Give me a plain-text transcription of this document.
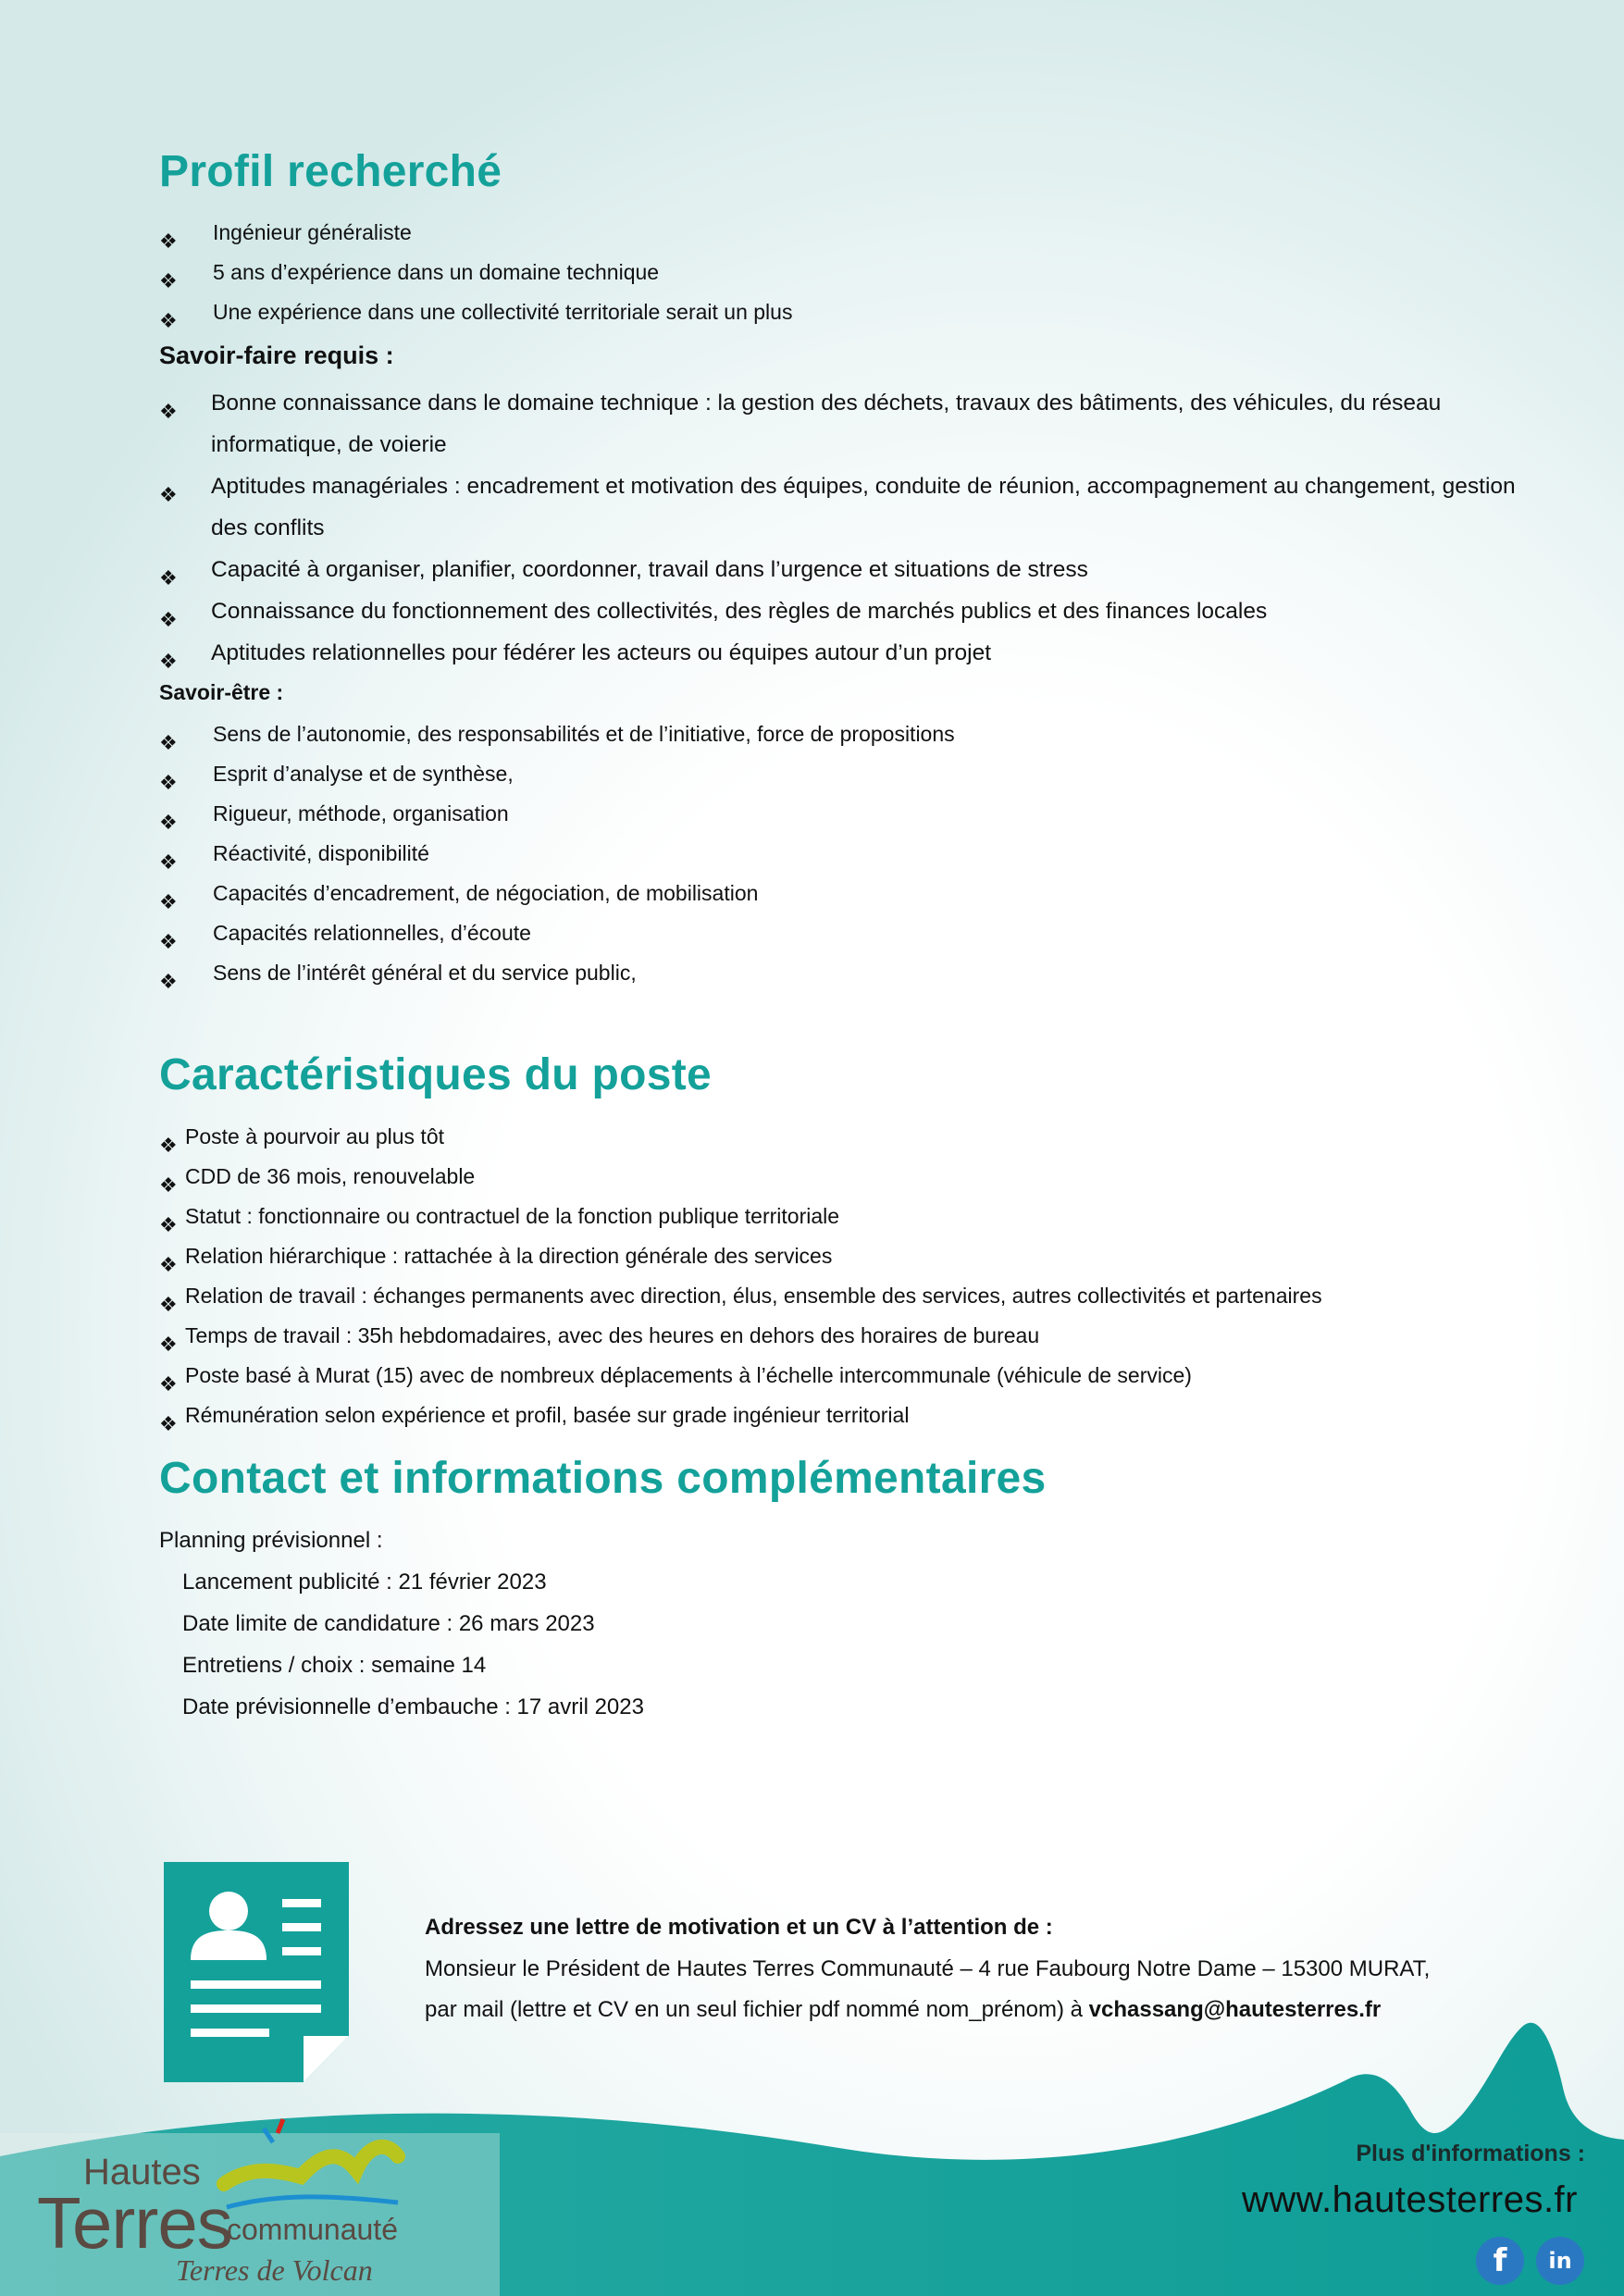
Profil recherché
❖ Ingénieur généraliste
❖ 5 ans d’expérience dans un domaine technique
❖ Une expérience dans une collectivité territoriale serait un plus

Savoir-faire requis :

❖ Bonne connaissance dans le domaine technique : la gestion des déchets, travaux des bâtiments, des véhicules, du réseau informatique, de voierie
❖ Aptitudes managériales : encadrement et motivation des équipes, conduite de réunion, accompagnement au changement, gestion des conflits
❖ Capacité à organiser, planifier, coordonner, travail dans l’urgence et situations de stress
❖ Connaissance du fonctionnement des collectivités, des règles de marchés publics et des finances locales
❖ Aptitudes relationnelles pour fédérer les acteurs ou équipes autour d’un projet

Savoir-être :

❖ Sens de l’autonomie, des responsabilités et de l’initiative, force de propositions
❖ Esprit d’analyse et de synthèse,
❖ Rigueur, méthode, organisation
❖ Réactivité, disponibilité
❖ Capacités d’encadrement, de négociation, de mobilisation
❖ Capacités relationnelles, d’écoute
❖ Sens de l’intérêt général et du service public,
Caractéristiques du poste
❖ Poste à pourvoir au plus tôt
❖ CDD de 36 mois, renouvelable
❖ Statut : fonctionnaire ou contractuel de la fonction publique territoriale
❖ Relation hiérarchique : rattachée à la direction générale des services
❖ Relation de travail : échanges permanents avec direction, élus, ensemble des services, autres collectivités et partenaires
❖ Temps de travail : 35h hebdomadaires, avec des heures en dehors des horaires de bureau
❖ Poste basé à Murat (15) avec de nombreux déplacements à l’échelle intercommunale (véhicule de service)
❖ Rémunération selon expérience et profil, basée sur grade ingénieur territorial
Contact et informations complémentaires

Planning prévisionnel :

Lancement publicité : 21 février 2023

Date limite de candidature : 26 mars 2023

Entretiens / choix : semaine 14

Date prévisionnelle d’embauche : 17 avril 2023

Hautes
Terres
communauté
Terres de Volcan

Adressez une lettre de motivation et un CV à l’attention de :

Monsieur le Président de Hautes Terres Communauté – 4 rue Faubourg Notre Dame – 15300 MURAT,

par mail (lettre et CV en un seul fichier pdf nommé nom_prénom) à vchassang@hautesterres.fr

Plus d'informations :
www.hautesterres.fr
f	in
